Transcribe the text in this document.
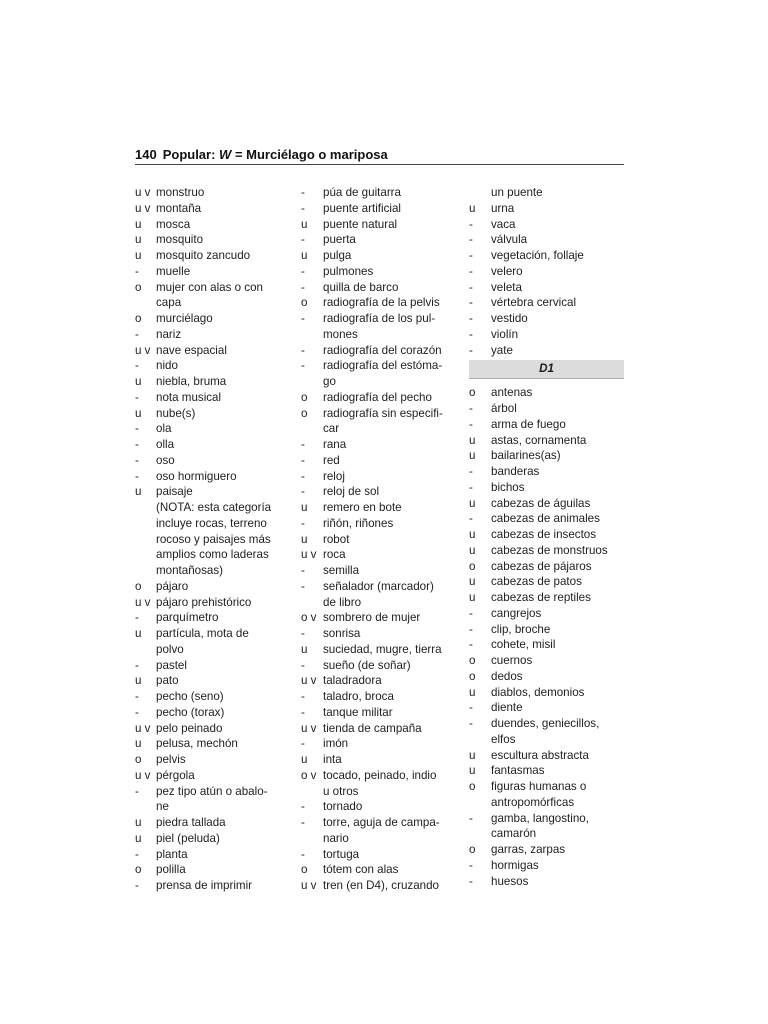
140 Popular: W = Murciélago o mariposa
u v monstruo
u v montaña
u	mosca
u	mosquito
u	mosquito zancudo
-	muelle
o	mujer con alas o con
capa
o	murciélago
-	nariz
u v nave espacial
-	nido
u	niebla, bruma
-	nota musical
u	nube(s)
-	ola
-	olla
-	oso
-	oso hormiguero
u	paisaje
(NOTA: esta categoría
incluye rocas, terreno
rocoso y paisajes más
amplios como laderas
montañosas)
o	pájaro
u v pájaro prehistórico
-	parquímetro
u	partícula, mota de
polvo
-	pastel
u	pato
-	pecho (seno)
-	pecho (torax)
u v pelo peinado
u	pelusa, mechón
o	pelvis
u v pérgola
-	pez tipo atún o abalo-
ne
u	piedra tallada
u	piel (peluda)
-	planta
o	polilla
-	prensa de imprimir
-	púa de guitarra
-	puente artificial
u	puente natural
-	puerta
u	pulga
-	pulmones
-	quilla de barco
o	radiografía de la pelvis
-	radiografía de los pul-
mones
-	radiografía del corazón
-	radiografía del estóma-
go
o	radiografía del pecho
o	radiografía sin especifi-
car
-	rana
-	red
-	reloj
-	reloj de sol
u	remero en bote
-	riñón, riñones
u	robot
u v roca
-	semilla
-	señalador (marcador)
de libro
o v sombrero de mujer
-	sonrisa
u	suciedad, mugre, tierra
-	sueño (de soñar)
u v taladradora
-	taladro, broca
-	tanque militar
u v tienda de campaña
-	imón
u	inta
o v tocado, peinado, indio
u otros
-	tornado
-	torre, aguja de campa-
nario
-	tortuga
o	tótem con alas
u v tren (en D4), cruzando
un puente
u	urna
-	vaca
-	válvula
-	vegetación, follaje
-	velero
-	veleta
-	vértebra cervical
-	vestido
-	violín
-	yate
D1
o	antenas
-	árbol
-	arma de fuego
u	astas, cornamenta
u	bailarines(as)
-	banderas
-	bichos
u	cabezas de águilas
-	cabezas de animales
u	cabezas de insectos
u	cabezas de monstruos
o	cabezas de pájaros
u	cabezas de patos
u	cabezas de reptiles
-	cangrejos
-	clip, broche
-	cohete, misil
o	cuernos
o	dedos
u	diablos, demonios
-	diente
-	duendes, geniecillos,
elfos
u	escultura abstracta
u	fantasmas
o	figuras humanas o
antropomórficas
-	gamba, langostino,
camarón
o	garras, zarpas
-	hormigas
-	huesos
